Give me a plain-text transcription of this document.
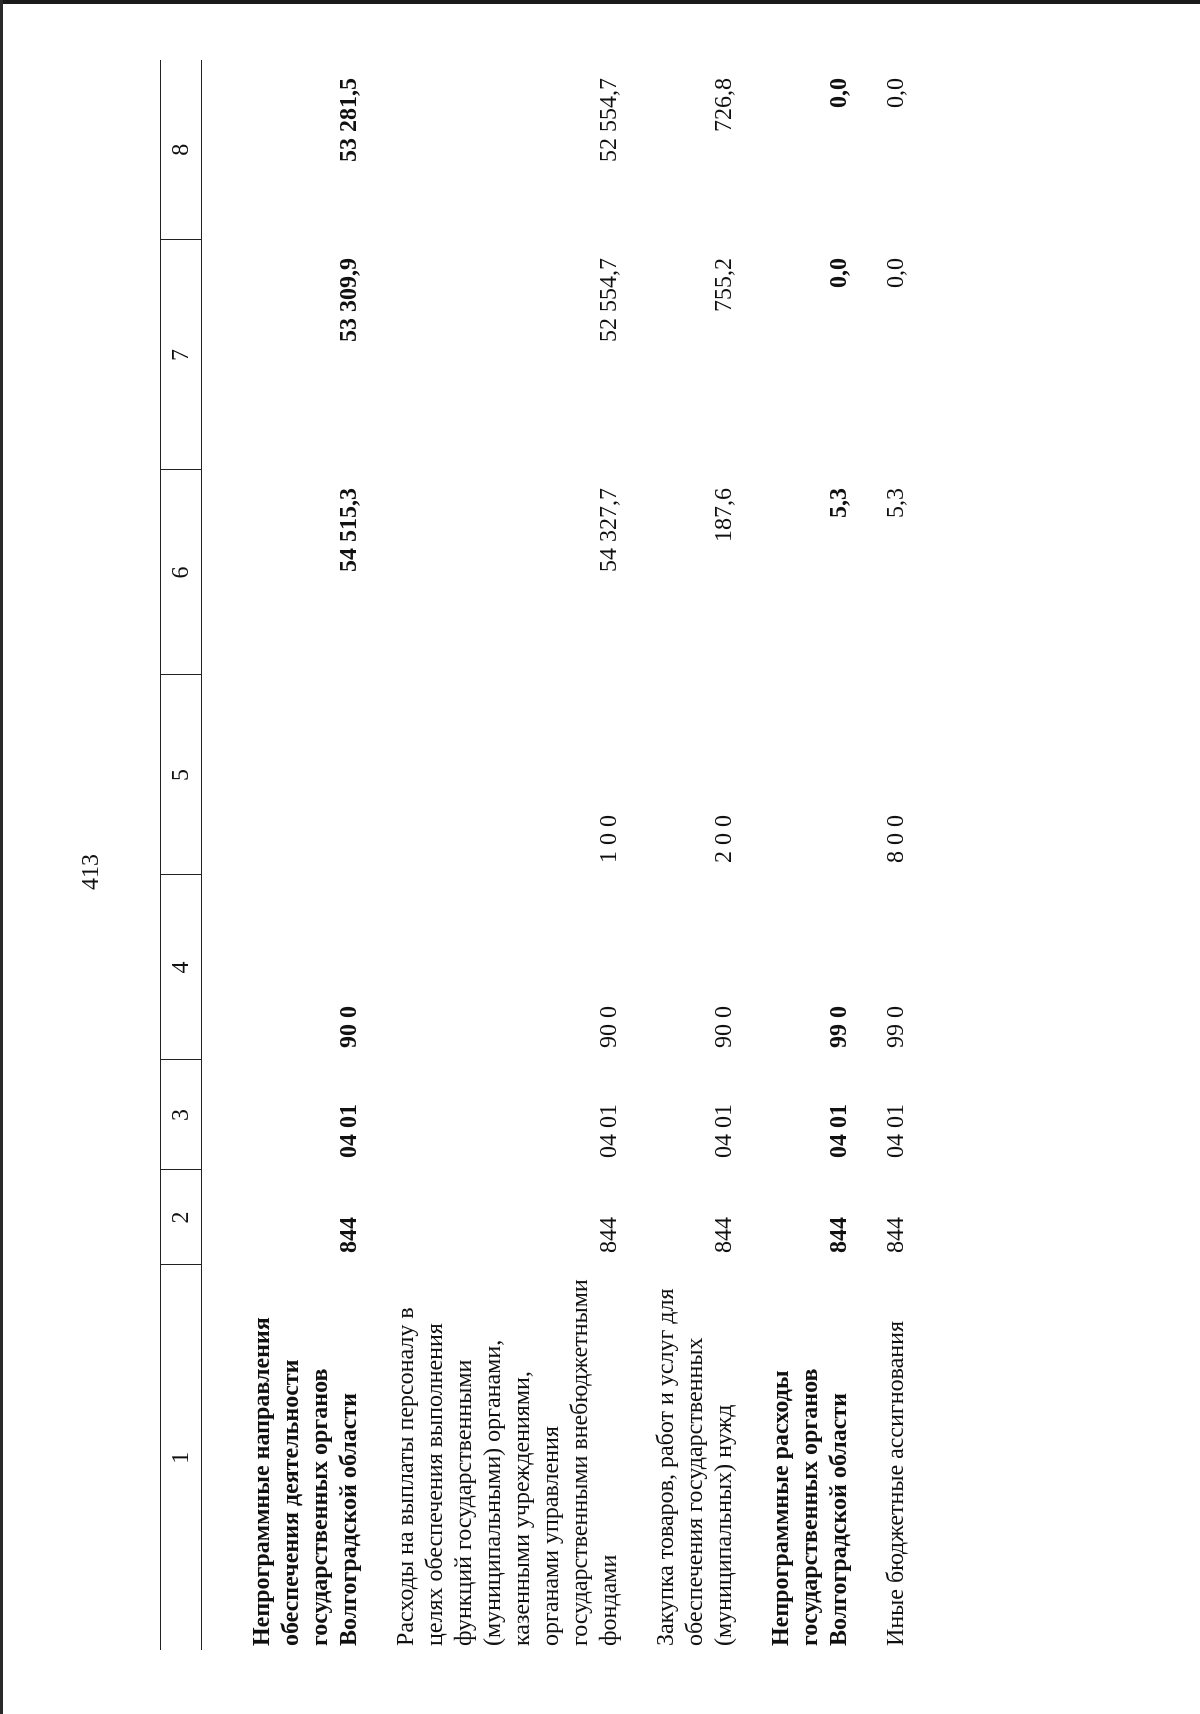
413
1	2	3	4	5	6	7	8
Непрограммные направления обеспечения деятельности государственных органов Волгоградской области	844	04 01	90 0		54 515,3	53 309,9	53 281,5
Расходы на выплаты персоналу в целях обеспечения выполнения функций государственными (муниципальными) органами, казенными учреждениями, органами управления государственными внебюджетными фондами	844	04 01	90 0	1 0 0	54 327,7	52 554,7	52 554,7
Закупка товаров, работ и услуг для обеспечения государственных (муниципальных) нужд	844	04 01	90 0	2 0 0	187,6	755,2	726,8
Непрограммные расходы государственных органов Волгоградской области	844	04 01	99 0		5,3	0,0	0,0
Иные бюджетные ассигнования	844	04 01	99 0	8 0 0	5,3	0,0	0,0
